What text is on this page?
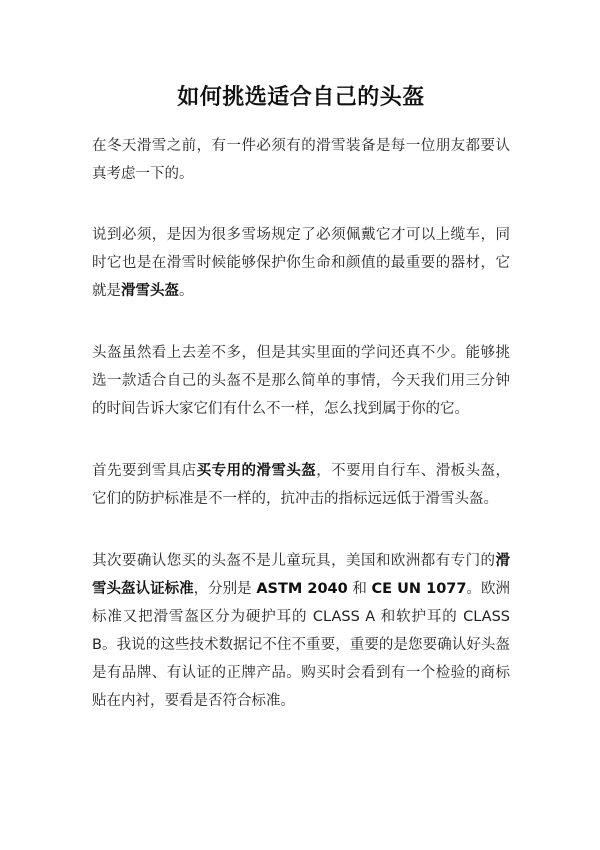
如何挑选适合自己的头盔

在冬天滑雪之前，有一件必须有的滑雪装备是每一位朋友都要认真考虑一下的。

说到必须，是因为很多雪场规定了必须佩戴它才可以上缆车，同时它也是在滑雪时候能够保护你生命和颜值的最重要的器材，它就是滑雪头盔。

头盔虽然看上去差不多，但是其实里面的学问还真不少。能够挑选一款适合自己的头盔不是那么简单的事情，今天我们用三分钟的时间告诉大家它们有什么不一样，怎么找到属于你的它。

首先要到雪具店买专用的滑雪头盔，不要用自行车、滑板头盔，它们的防护标准是不一样的，抗冲击的指标远远低于滑雪头盔。

其次要确认您买的头盔不是儿童玩具，美国和欧洲都有专门的滑雪头盔认证标准，分别是 ASTM 2040 和 CE UN 1077。欧洲标准又把滑雪盔区分为硬护耳的 CLASS A 和软护耳的 CLASS B。我说的这些技术数据记不住不重要，重要的是您要确认好头盔是有品牌、有认证的正牌产品。购买时会看到有一个检验的商标贴在内衬，要看是否符合标准。
